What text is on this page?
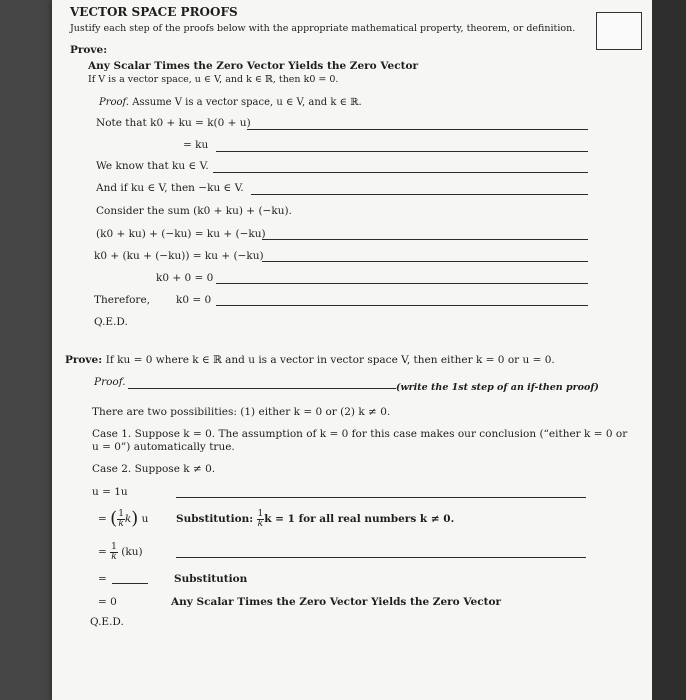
VECTOR SPACE PROOFS
Justify each step of the proofs below with the appropriate mathematical property, theorem, or definition.
Prove:
Any Scalar Times the Zero Vector Yields the Zero Vector
If V is a vector space, u ∈ V, and k ∈ ℝ, then k0 = 0.
Proof. Assume V is a vector space, u ∈ V, and k ∈ ℝ.
Note that k0 + ku = k(0 + u)
= ku
We know that ku ∈ V.
And if ku ∈ V, then −ku ∈ V.
Consider the sum (k0 + ku) + (−ku).
(k0 + ku) + (−ku) = ku + (−ku)
k0 + (ku + (−ku)) = ku + (−ku)
k0 + 0 = 0
Therefore, k0 = 0
Q.E.D.
Prove: If ku = 0 where k ∈ ℝ and u is a vector in vector space V, then either k = 0 or u = 0.
Proof.	(write the 1st step of an if-then proof)
There are two possibilities: (1) either k = 0 or (2) k ≠ 0.
Case 1. Suppose k = 0. The assumption of k = 0 for this case makes our conclusion (“either k = 0 or
u = 0”) automatically true.
Case 2. Suppose k ≠ 0.
u = 1u
= ( $\frac{1}{k} k$) u	Substitution: $\frac{1}{k}$ k = 1 for all real numbers k ≠ 0.
= $\frac{1}{k} (ku)$
=	Substitution
= 0	Any Scalar Times the Zero Vector Yields the Zero Vector
Q.E.D.
